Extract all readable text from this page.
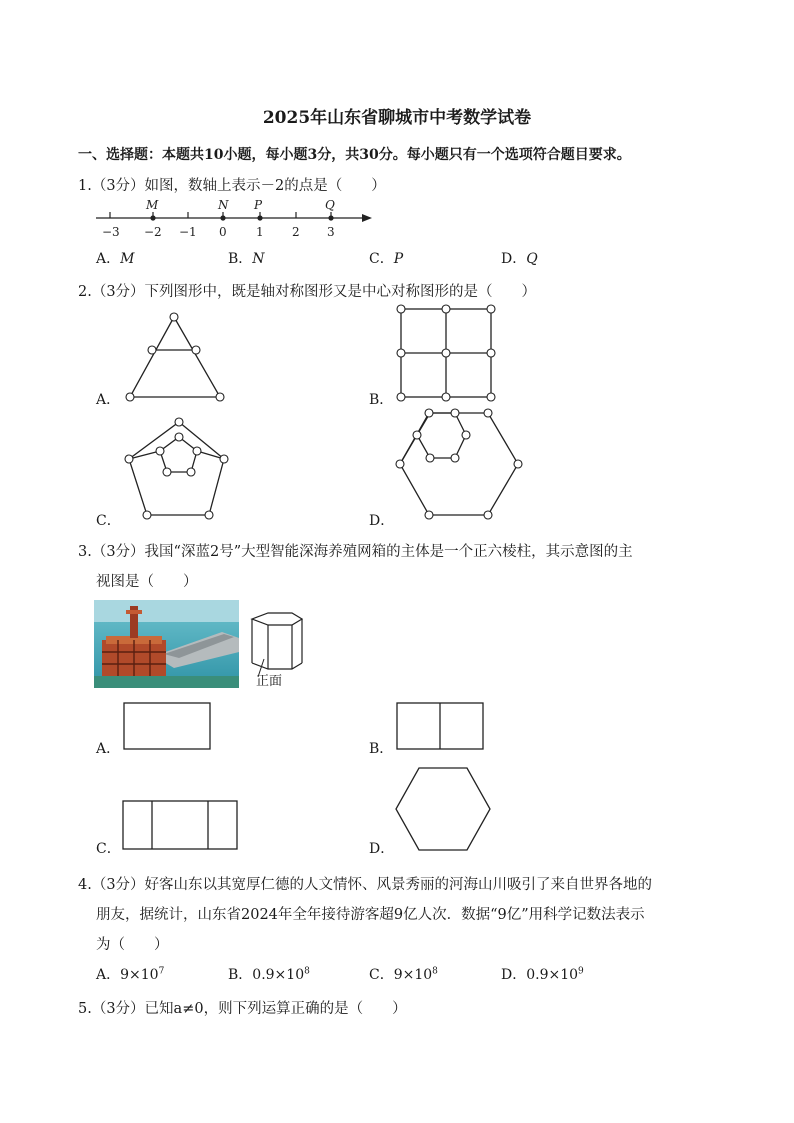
2025年山东省聊城市中考数学试卷
一、选择题：本题共10小题，每小题3分，共30分。每小题只有一个选项符合题目要求。
1.（3分）如图，数轴上表示－2的点是（　　）
M	N P	Q
−3 −2 −1 0 1 2 3
A．M	B．N	C．P	D．Q
2.（3分）下列图形中，既是轴对称图形又是中心对称图形的是（　　）
A．	B．
C．	D．
3.（3分）我国“深蓝2号”大型智能深海养殖网箱的主体是一个正六棱柱，其示意图的主
视图是（　　）
正面
A．	B．
C．	D．
4.（3分）好客山东以其宽厚仁德的人文情怀、风景秀丽的河海山川吸引了来自世界各地的
朋友，据统计，山东省2024年全年接待游客超9亿人次．数据“9亿”用科学记数法表示
为（　　）
A．$9\times 10^7$	B．$0.9\times 10^8$	C．$9\times 10^8$	D．$0.9\times 10^9$
5.（3分）已知a≠0，则下列运算正确的是（　　）
